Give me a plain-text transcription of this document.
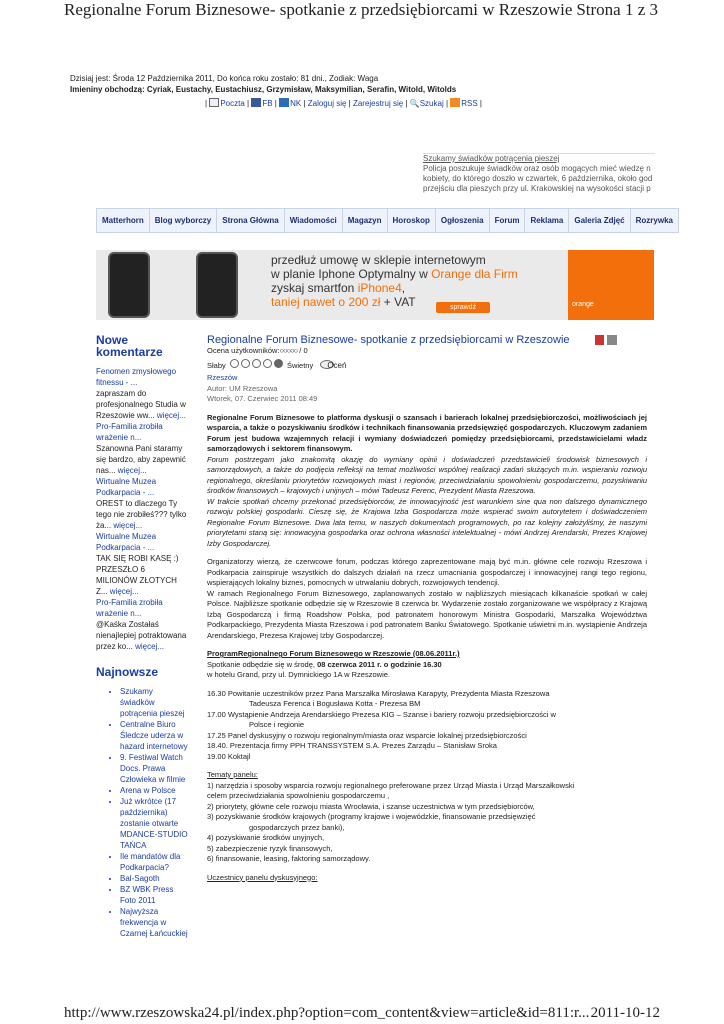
Regionalne Forum Biznesowe- spotkanie z przedsiębiorcami w Rzeszowie Strona 1 z 3
Dzisiaj jest: Środa 12 Października 2011, Do końca roku zostało: 81 dni., Zodiak: Waga
Imieniny obchodzą: Cyriak, Eustachy, Eustachiusz, Grzymisław, Maksymilian, Serafin, Witold, Witolds
| Poczta | FB | NK | Zaloguj się | Zarejestruj się | 🔍Szukaj | RSS |
Szukamy świadków potrącenia pieszej
Policja poszukuje świadków oraz osób mogących mieć wiedzę n
kobiety, do którego doszło w czwartek, 6 października, około god
przejściu dla pieszych przy ul. Krakowskiej na wysokości stacji p
Matterhorn	Blog wyborczy	Strona Główna	Wiadomości	Magazyn	Horoskop	Ogłoszenia	Forum	Reklama	Galeria Zdjęć	Rozrywka
przedłuż umowę w sklepie internetowym
w planie Iphone Optymalny w Orange dla Firm
zyskaj smartfon iPhone4,
taniej nawet o 200 zł + VAT	sprawdź	orange
Nowe komentarze

Fenomen zmysłowego fitnessu - ...

zapraszam do profesjonalnego Studia w Rzeszowie ww... więcej...

Pro-Familia zrobiła wrażenie n...

Szanowna Pani staramy się bardzo, aby zapewnić nas... więcej...

Wirtualne Muzea Podkarpacia - ...

OREST to dlaczego Ty tego nie zrobiłeś??? tylko ża... więcej...

Wirtualne Muzea Podkarpacia - ...

TAK SIĘ ROBI KASĘ :) PRZESZŁO 6 MILIONÓW ZŁOTYCH Z... więcej...

Pro-Familia zrobiła wrażenie n...

@Kaśka Zostałaś nienajlepiej potraktowana przez ko... więcej...

Najnowsze
• Szukamy świadków potrącenia pieszej
• Centralne Biuro Śledcze uderza w hazard internetowy
• 9. Festiwal Watch Docs. Prawa Człowieka w filmie
• Arena w Polsce
• Już wkrótce (17 października) zostanie otwarte MDANCE-STUDIO TAŃCA
• Ile mandatów dla Podkarpacia?
• Bal-Sagoth
• BZ WBK Press Foto 2011
• Najwyższa frekwencja w Czarnej Łańcuckiej
Regionalne Forum Biznesowe- spotkanie z przedsiębiorcami w Rzeszowie
Ocena użytkowników:○○○○○ / 0
Słaby	Świetny Oceń
Rzeszów
Autor: UM Rzeszowa
Wtorek, 07. Czerwiec 2011 08:49
Regionalne Forum Biznesowe to platforma dyskusji o szansach i barierach lokalnej przedsiębiorczości, możliwościach jej wsparcia, a także o pozyskiwaniu środków i technikach finansowania przedsięwzięć gospodarczych. Kluczowym zadaniem Forum jest budowa wzajemnych relacji i wymiany doświadczeń pomiędzy przedsiębiorcami, przedstawicielami władz samorządowych i sektorem finansowym.
Forum postrzegam jako znakomitą okazję do wymiany opinii i doświadczeń przedstawicieli środowisk biznesowych i samorządowych, a także do podjęcia refleksji na temat możliwości wspólnej realizacji zadań służących m.in. wspieraniu rozwoju regionalnego, określaniu priorytetów rozwojowych miast i regionów, przeciwdziałaniu spowolnieniu gospodarczemu, pozyskiwaniu środków finansowych – krajowych i unijnych – mówi Tadeusz Ferenc, Prezydent Miasta Rzeszowa.
W trakcie spotkań chcemy przekonać przedsiębiorców, że innowacyjność jest warunkiem sine qua non dalszego dynamicznego rozwoju polskiej gospodarki. Cieszę się, że Krajowa Izba Gospodarcza może wspierać swoim autorytetem i doświadczeniem Regionalne Forum Biznesowe. Dwa lata temu, w naszych dokumentach programowych, po raz kolejny założyliśmy, że naszymi priorytetami staną się: innowacyjna gospodarka oraz ochrona własności intelektualnej - mówi Andrzej Arendarski, Prezes Krajowej Izby Gospodarczej.
Organizatorzy wierzą, że czerwcowe forum, podczas którego zaprezentowane mają być m.in. główne cele rozwoju Rzeszowa i Podkarpacia zainspiruje wszystkich do dalszych działań na rzecz umacniania gospodarczej i innowacyjnej rangi tego regionu, wspierających lokalny biznes, pomocnych w utrwalaniu dobrych, rozwojowych tendencji.
W ramach Regionalnego Forum Biznesowego, zaplanowanych zostało w najbliższych miesiącach kilkanaście spotkań w całej Polsce. Najbliższe spotkanie odbędzie się w Rzeszowie 8 czerwca br. Wydarzenie zostało zorganizowane we współpracy z Krajową Izbą Gospodarczą i firmą Roadshow Polska, pod patronatem honorowym Ministra Gospodarki, Marszałka Województwa Podkarpackiego, Prezydenta Miasta Rzeszowa i pod patronatem Banku Światowego. Spotkanie uświetni m.in. wystąpienie Andrzeja Arendarskiego, Prezesa Krajowej Izby Gospodarczej.
ProgramRegionalnego Forum Biznesowego w Rzeszowie (08.06.2011r.)
Spotkanie odbędzie się w środę, 08 czerwca 2011 r. o godzinie 16.30
w hotelu Grand, przy ul. Dymnickiego 1A w Rzeszowie.
16.30 Powitanie uczestników przez Pana Marszałka Mirosława Karapyty, Prezydenta Miasta Rzeszowa
Tadeusza Ferenca i Bogusława Kotta - Prezesa BM
17.00 Wystąpienie Andrzeja Arendarskiego Prezesa KIG – Szanse i bariery rozwoju przedsiębiorczości w
Polsce i regionie
17.25 Panel dyskusyjny o rozwoju regionalnym/miasta oraz wsparcie lokalnej przedsiębiorczości
18.40. Prezentacja firmy PPH TRANSSYSTEM S.A. Prezes Zarządu – Stanisław Sroka
19.00 Koktajl
Tematy panelu:
1) narzędzia i sposoby wsparcia rozwoju regionalnego preferowane przez Urząd Miasta i Urząd Marszałkowski
celem przeciwdziałania spowolnieniu gospodarczemu ,
2) priorytety, główne cele rozwoju miasta Wrocławia, i szanse uczestnictwa w tym przedsiębiorców,
3) pozyskiwanie środków krajowych (programy krajowe i wojewódzkie, finansowanie przedsięwzięć
gospodarczych przez banki),
4) pozyskiwanie środków unyjnych,
5) zabezpieczenie ryzyk finansowych,
6) finansowanie, leasing, faktoring samorządowy.
Uczestnicy panelu dyskusyjnego:
http://www.rzeszowska24.pl/index.php?option=com_content&view=article&id=811:r... 2011-10-12
